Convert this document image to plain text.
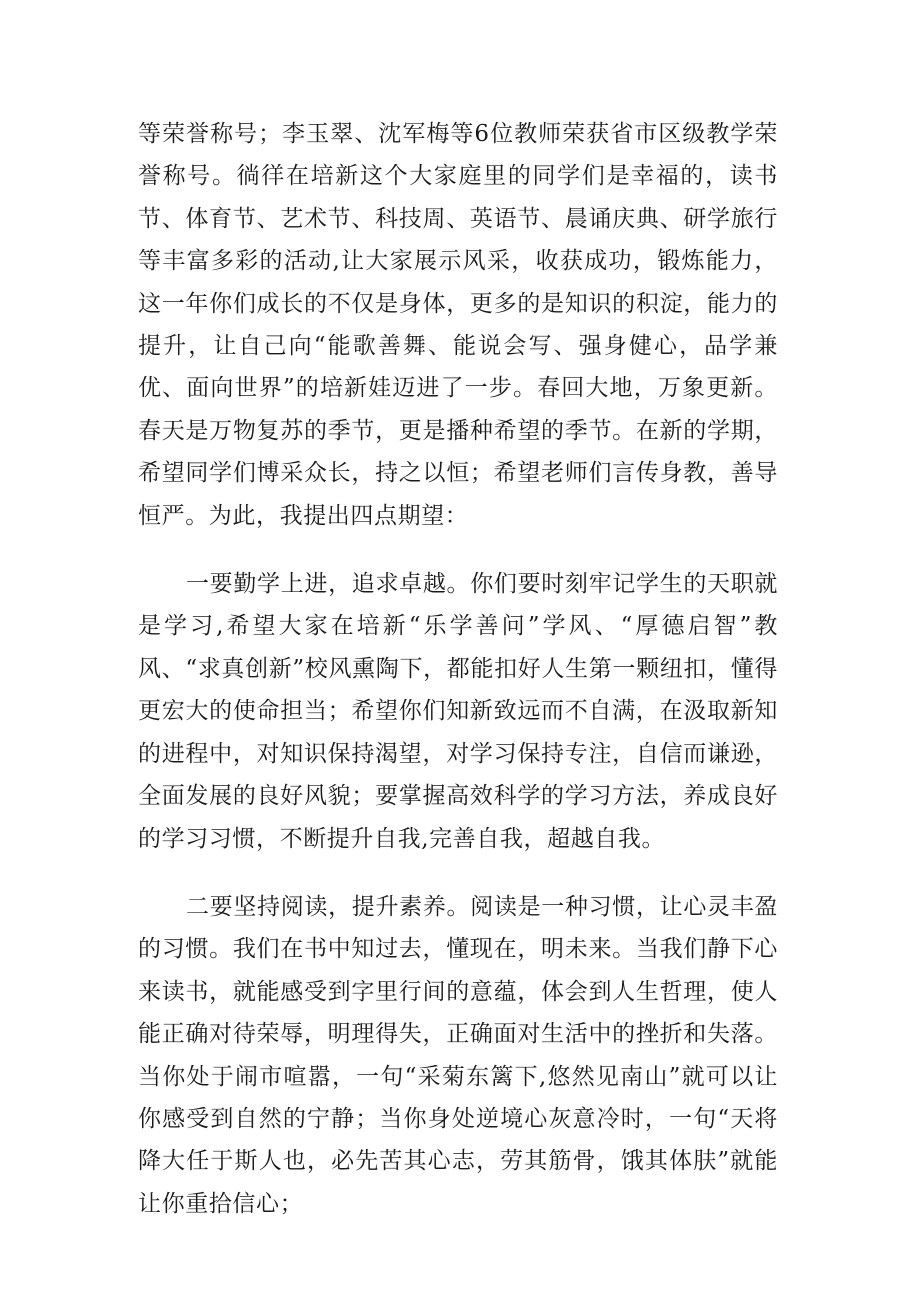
等荣誉称号；李玉翠、沈军梅等6位教师荣获省市区级教学荣誉称号。徜徉在培新这个大家庭里的同学们是幸福的，读书节、体育节、艺术节、科技周、英语节、晨诵庆典、研学旅行等丰富多彩的活动,让大家展示风采，收获成功，锻炼能力，这一年你们成长的不仅是身体，更多的是知识的积淀，能力的提升，让自己向“能歌善舞、能说会写、强身健心，品学兼优、面向世界”的培新娃迈进了一步。春回大地，万象更新。春天是万物复苏的季节，更是播种希望的季节。在新的学期，希望同学们博采众长，持之以恒；希望老师们言传身教，善导恒严。为此，我提出四点期望：

一要勤学上进，追求卓越。你们要时刻牢记学生的天职就是学习,希望大家在培新“乐学善问”学风、“厚德启智”教风、“求真创新”校风熏陶下，都能扣好人生第一颗纽扣，懂得更宏大的使命担当；希望你们知新致远而不自满，在汲取新知的进程中，对知识保持渴望，对学习保持专注，自信而谦逊，全面发展的良好风貌；要掌握高效科学的学习方法，养成良好的学习习惯，不断提升自我,完善自我，超越自我。

二要坚持阅读，提升素养。阅读是一种习惯，让心灵丰盈的习惯。我们在书中知过去，懂现在，明未来。当我们静下心来读书，就能感受到字里行间的意蕴，体会到人生哲理，使人能正确对待荣辱，明理得失，正确面对生活中的挫折和失落。当你处于闹市喧嚣，一句“采菊东篱下,悠然见南山”就可以让你感受到自然的宁静；当你身处逆境心灰意冷时，一句“天将降大任于斯人也，必先苦其心志，劳其筋骨，饿其体肤”就能让你重拾信心；
